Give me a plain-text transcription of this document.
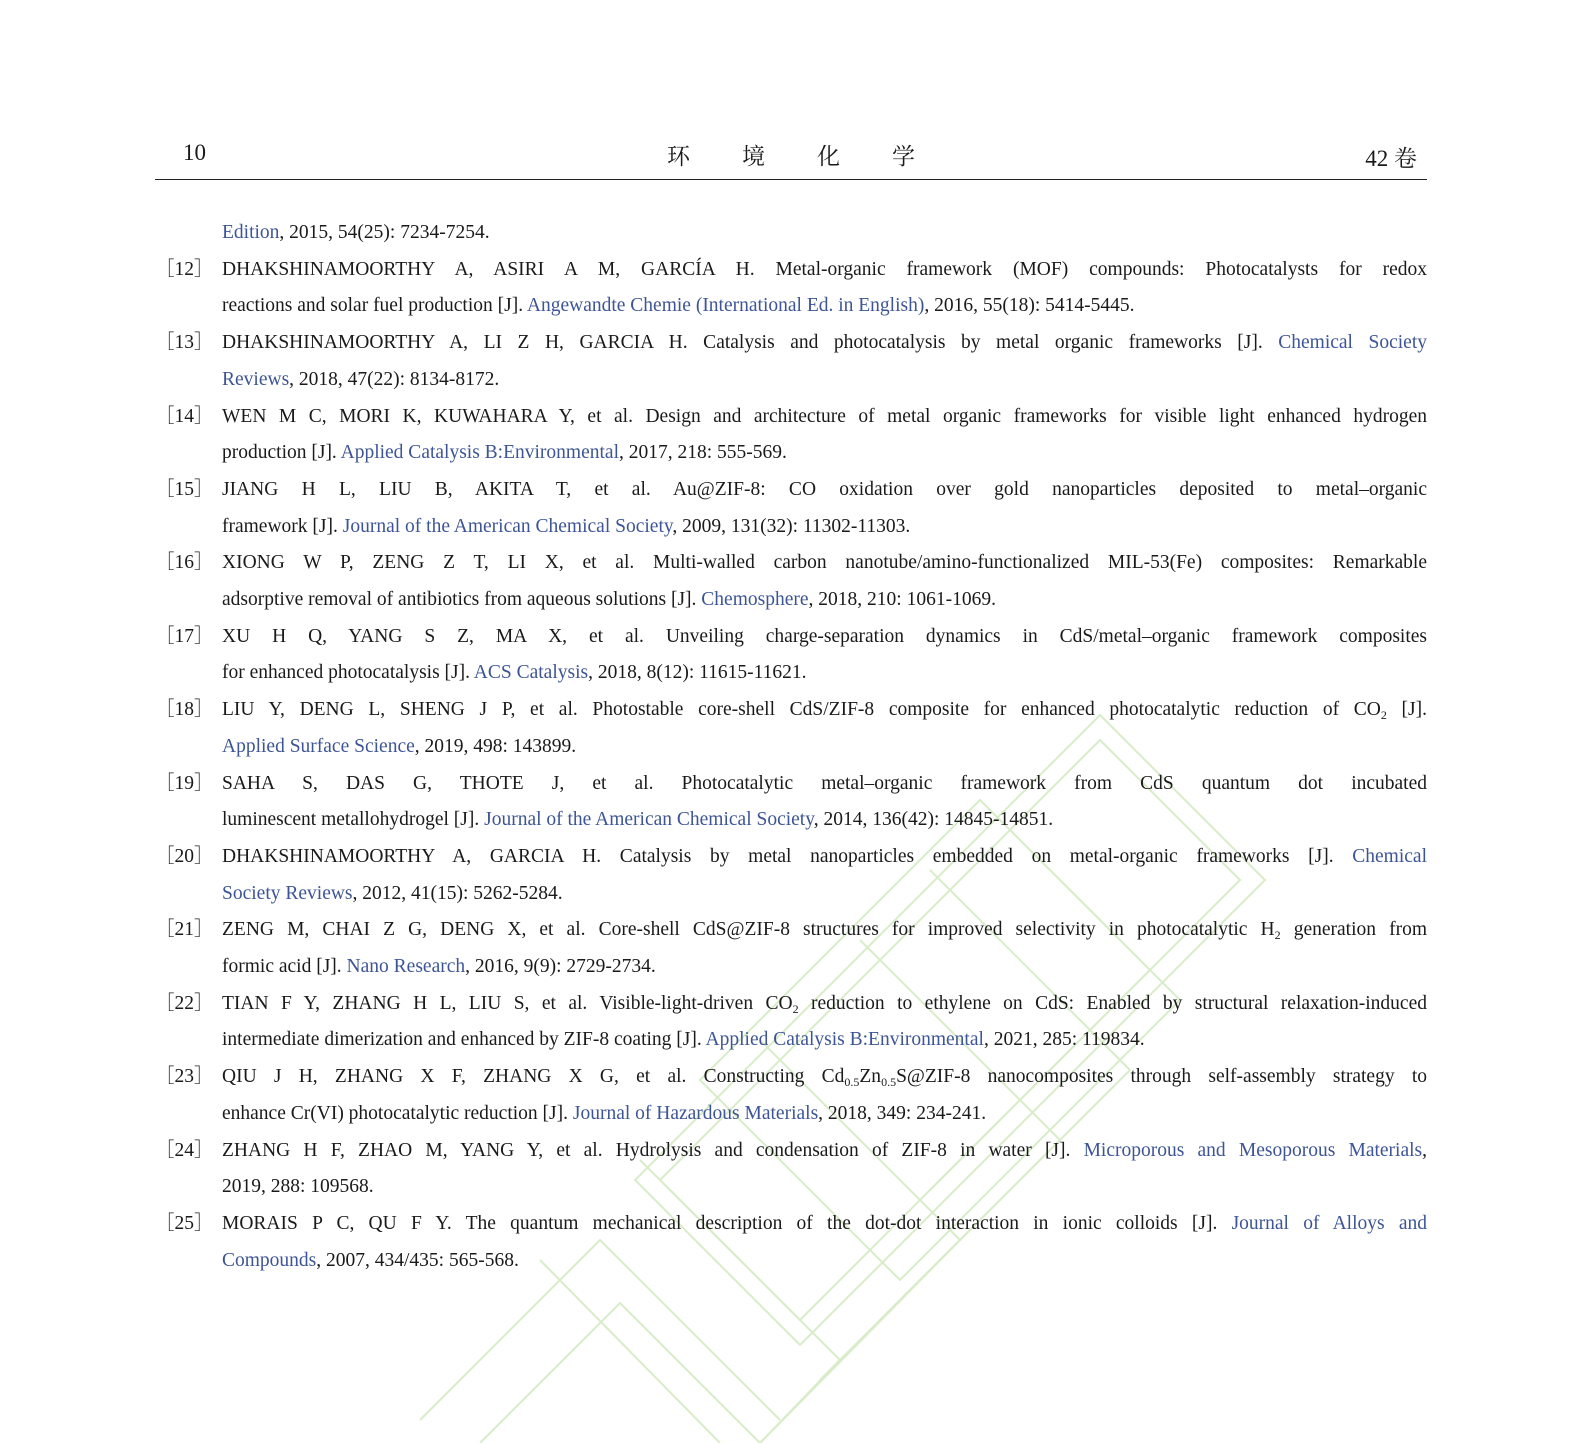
10	环境化学	42 卷
Edition, 2015, 54(25): 7234-7254.
［12］ DHAKSHINAMOORTHY A, ASIRI A M, GARCÍA H. Metal-organic framework (MOF) compounds: Photocatalysts for redox
reactions and solar fuel production [J]. Angewandte Chemie (International Ed. in English), 2016, 55(18): 5414-5445.
［13］ DHAKSHINAMOORTHY A, LI Z H, GARCIA H. Catalysis and photocatalysis by metal organic frameworks [J]. Chemical Society
Reviews, 2018, 47(22): 8134-8172.
［14］ WEN M C, MORI K, KUWAHARA Y, et al. Design and architecture of metal organic frameworks for visible light enhanced hydrogen
production [J]. Applied Catalysis B:Environmental, 2017, 218: 555-569.
［15］ JIANG H L, LIU B, AKITA T, et al. Au@ZIF-8: CO oxidation over gold nanoparticles deposited to metal–organic
framework [J]. Journal of the American Chemical Society, 2009, 131(32): 11302-11303.
［16］ XIONG W P, ZENG Z T, LI X, et al. Multi-walled carbon nanotube/amino-functionalized MIL-53(Fe) composites: Remarkable
adsorptive removal of antibiotics from aqueous solutions [J]. Chemosphere, 2018, 210: 1061-1069.
［17］ XU H Q, YANG S Z, MA X, et al. Unveiling charge-separation dynamics in CdS/metal–organic framework composites
for enhanced photocatalysis [J]. ACS Catalysis, 2018, 8(12): 11615-11621.
［18］ LIU Y, DENG L, SHENG J P, et al. Photostable core-shell CdS/ZIF-8 composite for enhanced photocatalytic reduction of $CO_2$ [J].
Applied Surface Science, 2019, 498: 143899.
［19］ SAHA S, DAS G, THOTE J, et al. Photocatalytic metal–organic framework from CdS quantum dot incubated
luminescent metallohydrogel [J]. Journal of the American Chemical Society, 2014, 136(42): 14845-14851.
［20］ DHAKSHINAMOORTHY A, GARCIA H. Catalysis by metal nanoparticles embedded on metal-organic frameworks [J]. Chemical
Society Reviews, 2012, 41(15): 5262-5284.
［21］ ZENG M, CHAI Z G, DENG X, et al. Core-shell CdS@ZIF-8 structures for improved selectivity in photocatalytic $H_2$ generation from
formic acid [J]. Nano Research, 2016, 9(9): 2729-2734.
［22］ TIAN F Y, ZHANG H L, LIU S, et al. Visible-light-driven $CO_2$ reduction to ethylene on CdS: Enabled by structural relaxation-induced
intermediate dimerization and enhanced by ZIF-8 coating [J]. Applied Catalysis B:Environmental, 2021, 285: 119834.
［23］ QIU J H, ZHANG X F, ZHANG X G, et al. Constructing $Cd_{0.5}Zn_{0.5}S@ZIF-8$ nanocomposites through self-assembly strategy to
enhance Cr(VI) photocatalytic reduction [J]. Journal of Hazardous Materials, 2018, 349: 234-241.
［24］ ZHANG H F, ZHAO M, YANG Y, et al. Hydrolysis and condensation of ZIF-8 in water [J]. Microporous and Mesoporous Materials,
2019, 288: 109568.
［25］ MORAIS P C, QU F Y. The quantum mechanical description of the dot-dot interaction in ionic colloids [J]. Journal of Alloys and
Compounds, 2007, 434/435: 565-568.
